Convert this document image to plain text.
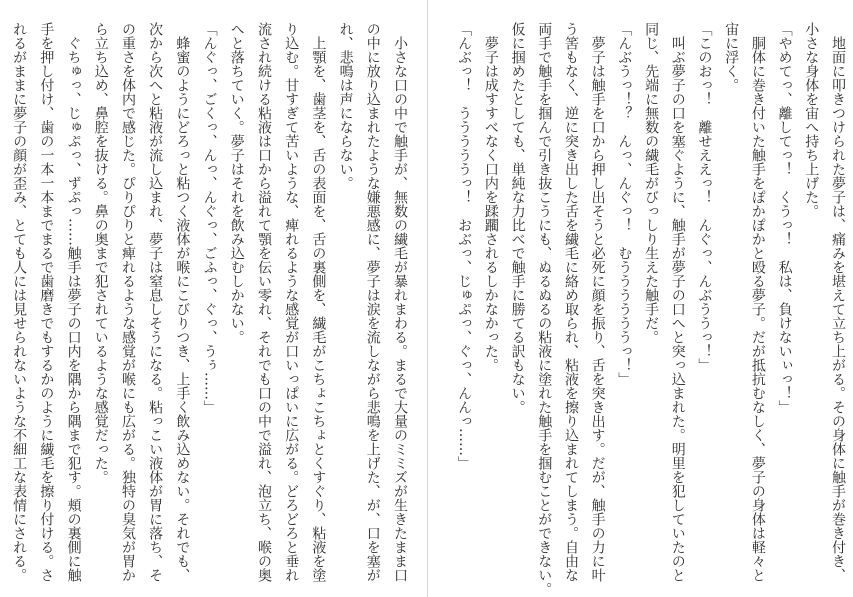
　小さな口の中で触手が、無数の繊毛が暴れまわる。まるで大量のミミズが生きたまま口
の中に放り込まれたような嫌悪感に、夢子は涙を流しながら悲鳴を上げた、が、口を塞が
れ、悲鳴は声にならない。
　上顎を、歯茎を、舌の表面を、舌の裏側を、繊毛がこちょこちょとくすぐり、粘液を塗
り込む。甘すぎて苦いような、痺れるような感覚が口いっぱいに広がる。どろどろと垂れ
流され続ける粘液は口から溢れて顎を伝い零れ、それでも口の中で溢れ、泡立ち、喉の奥
へと落ちていく。夢子はそれを飲み込むしかない。
「んぐっ、ごくっ、んっ、んぐっ、ごふっ、ぐっ、うぅ……」
　蜂蜜のようにどろっと粘つく液体が喉にこびりつき、上手く飲み込めない。それでも、
次から次へと粘液が流し込まれ、夢子は窒息しそうになる。粘っこい液体が胃に落ち、そ
の重さを体内で感じた。ぴりぴりと痺れるような感覚が喉にも広がる。独特の臭気が胃か
ら立ち込め、鼻腔を抜ける。鼻の奥まで犯されているような感覚だった。
　ぐちゅっ、じゅぷっ、ずぷっ……触手は夢子の口内を隅から隅まで犯す。頬の裏側に触
手を押し付け、歯の一本一本までまるで歯磨きでもするかのように繊毛を擦り付ける。さ
れるがままに夢子の顔が歪み、とても人には見せられないような不細工な表情にされる。	　地面に叩きつけられた夢子は、痛みを堪えて立ち上がる。その身体に触手が巻き付き、
小さな身体を宙へ持ち上げた。
「やめてっ、離してっ！　くうっ！　私は、負けないぃっ！」
　胴体に巻き付いた触手をぽかぽかと殴る夢子。だが抵抗むなしく、夢子の身体は軽々と
宙に浮く。
「このおっ！　離せええっ！　んぐっ、んぶううっ！」
　叫ぶ夢子の口を塞ぐように、触手が夢子の口へと突っ込まれた。明里を犯していたのと
同じ、先端に無数の繊毛がびっしり生えた触手だ。
「んぶうっ！？　んっ、んぐっ！　むううううううっ！」
　夢子は触手を口から押し出そうと必死に顔を振り、舌を突き出す。だが、触手の力に叶
う筈もなく、逆に突き出した舌を繊毛に絡め取られ、粘液を擦り込まれてしまう。自由な
両手で触手を掴んで引き抜こうにも、ぬるぬるの粘液に塗れた触手を掴むことができない。
仮に掴めたとしても、単純な力比べで触手に勝てる訳もない。
　夢子は成すすべなく口内を蹂躙されるしかなかった。
「んぶっ！　うううううっ！　おぶっ、じゅぷっ、ぐっ、んんっ……」
